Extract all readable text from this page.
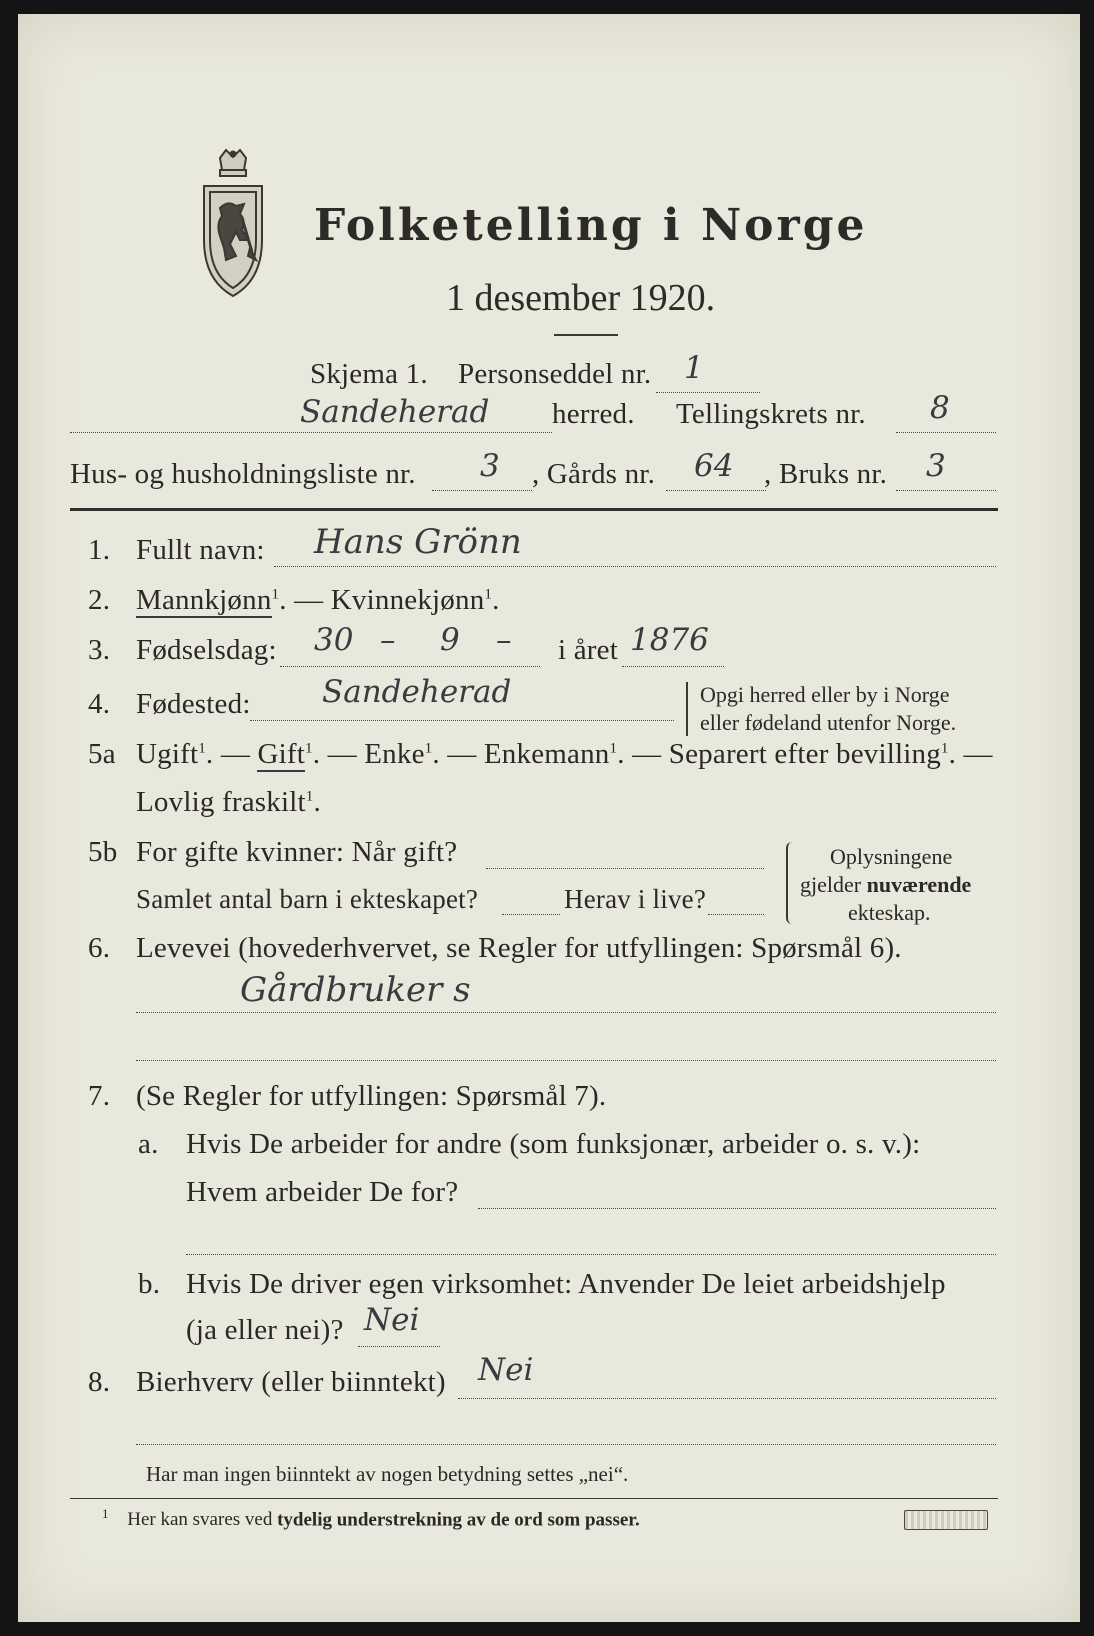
Folketelling i Norge
1 desember 1920.
Skjema 1. Personseddel nr. 1
Sandeherad herred. Tellingskrets nr. 8
Hus- og husholdningsliste nr. 3 , Gårds nr. 64 , Bruks nr. 3
1. Fullt navn: Hans Grönn
2. Mannkjønn$^1$. — Kvinnekjønn$^1$.
3. Fødselsdag: 30 – 9 – i året 1876
4. Fødested: Sandeherad	Opgi herred eller by i Norge
eller fødeland utenfor Norge.
5a Ugift$^1$. — Gift$^1$. — Enke$^1$. — Enkemann$^1$. — Separert efter bevilling$^1$. —
Lovlig fraskilt$^1$.
5b For gifte kvinner: Når gift?
Samlet antal barn i ekteskapet?	Herav i live?
Oplysningene
gjelder nuværende
ekteskap.
6. Levevei (hovederhvervet, se Regler for utfyllingen: Spørsmål 6).
Gårdbruker s
7. (Se Regler for utfyllingen: Spørsmål 7).
a. Hvis De arbeider for andre (som funksjonær, arbeider o. s. v.):
Hvem arbeider De for?
b. Hvis De driver egen virksomhet: Anvender De leiet arbeidshjelp
(ja eller nei)? Nei
8. Bierhverv (eller biinntekt) Nei
Har man ingen biinntekt av nogen betydning settes „nei“.
$^1$ Her kan svares ved tydelig understrekning av de ord som passer.
